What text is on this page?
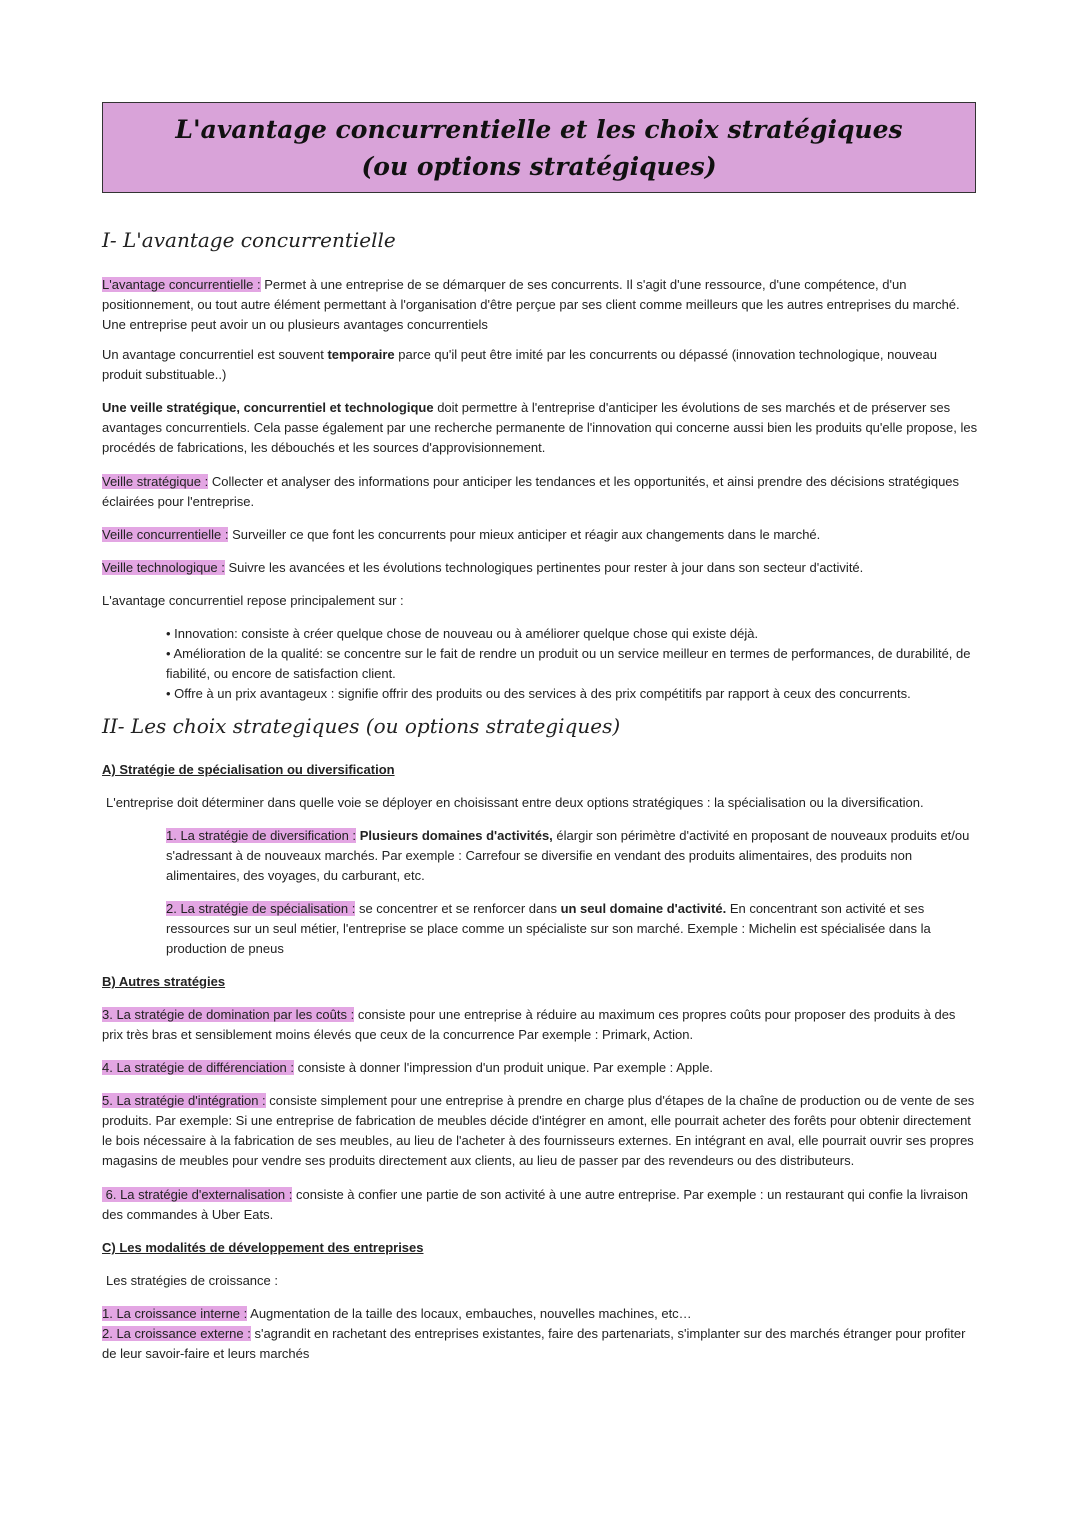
L'avantage concurrentielle et les choix stratégiques (ou options stratégiques)
I- L'avantage concurrentielle

L'avantage concurrentielle : Permet à une entreprise de se démarquer de ses concurrents. Il s'agit d'une ressource, d'une compétence, d'un positionnement, ou tout autre élément permettant à l'organisation d'être perçue par ses client comme meilleurs que les autres entreprises du marché. Une entreprise peut avoir un ou plusieurs avantages concurrentiels

Un avantage concurrentiel est souvent temporaire parce qu'il peut être imité par les concurrents ou dépassé (innovation technologique, nouveau produit substituable..)

Une veille stratégique, concurrentiel et technologique doit permettre à l'entreprise d'anticiper les évolutions de ses marchés et de préserver ses avantages concurrentiels. Cela passe également par une recherche permanente de l'innovation qui concerne aussi bien les produits qu'elle propose, les procédés de fabrications, les débouchés et les sources d'approvisionnement.

Veille stratégique : Collecter et analyser des informations pour anticiper les tendances et les opportunités, et ainsi prendre des décisions stratégiques éclairées pour l'entreprise.

Veille concurrentielle : Surveiller ce que font les concurrents pour mieux anticiper et réagir aux changements dans le marché.

Veille technologique : Suivre les avancées et les évolutions technologiques pertinentes pour rester à jour dans son secteur d'activité.

L'avantage concurrentiel repose principalement sur :

• Innovation: consiste à créer quelque chose de nouveau ou à améliorer quelque chose qui existe déjà.

• Amélioration de la qualité: se concentre sur le fait de rendre un produit ou un service meilleur en termes de performances, de durabilité, de fiabilité, ou encore de satisfaction client.

• Offre à un prix avantageux : signifie offrir des produits ou des services à des prix compétitifs par rapport à ceux des concurrents.

II- Les choix strategiques (ou options strategiques)

A) Stratégie de spécialisation ou diversification

L'entreprise doit déterminer dans quelle voie se déployer en choisissant entre deux options stratégiques : la spécialisation ou la diversification.

1. La stratégie de diversification : Plusieurs domaines d'activités, élargir son périmètre d'activité en proposant de nouveaux produits et/ou s'adressant à de nouveaux marchés. Par exemple : Carrefour se diversifie en vendant des produits alimentaires, des produits non alimentaires, des voyages, du carburant, etc.

2. La stratégie de spécialisation : se concentrer et se renforcer dans un seul domaine d'activité. En concentrant son activité et ses ressources sur un seul métier, l'entreprise se place comme un spécialiste sur son marché. Exemple : Michelin est spécialisée dans la production de pneus

B) Autres stratégies

3. La stratégie de domination par les coûts : consiste pour une entreprise à réduire au maximum ces propres coûts pour proposer des produits à des prix très bras et sensiblement moins élevés que ceux de la concurrence Par exemple : Primark, Action.

4. La stratégie de différenciation : consiste à donner l'impression d'un produit unique. Par exemple : Apple.

5. La stratégie d'intégration : consiste simplement pour une entreprise à prendre en charge plus d'étapes de la chaîne de production ou de vente de ses produits. Par exemple: Si une entreprise de fabrication de meubles décide d'intégrer en amont, elle pourrait acheter des forêts pour obtenir directement le bois nécessaire à la fabrication de ses meubles, au lieu de l'acheter à des fournisseurs externes. En intégrant en aval, elle pourrait ouvrir ses propres magasins de meubles pour vendre ses produits directement aux clients, au lieu de passer par des revendeurs ou des distributeurs.

6. La stratégie d'externalisation : consiste à confier une partie de son activité à une autre entreprise. Par exemple : un restaurant qui confie la livraison des commandes à Uber Eats.

C) Les modalités de développement des entreprises

Les stratégies de croissance :

1. La croissance interne : Augmentation de la taille des locaux, embauches, nouvelles machines, etc…

2. La croissance externe : s'agrandit en rachetant des entreprises existantes, faire des partenariats, s'implanter sur des marchés étranger pour profiter de leur savoir-faire et leurs marchés
